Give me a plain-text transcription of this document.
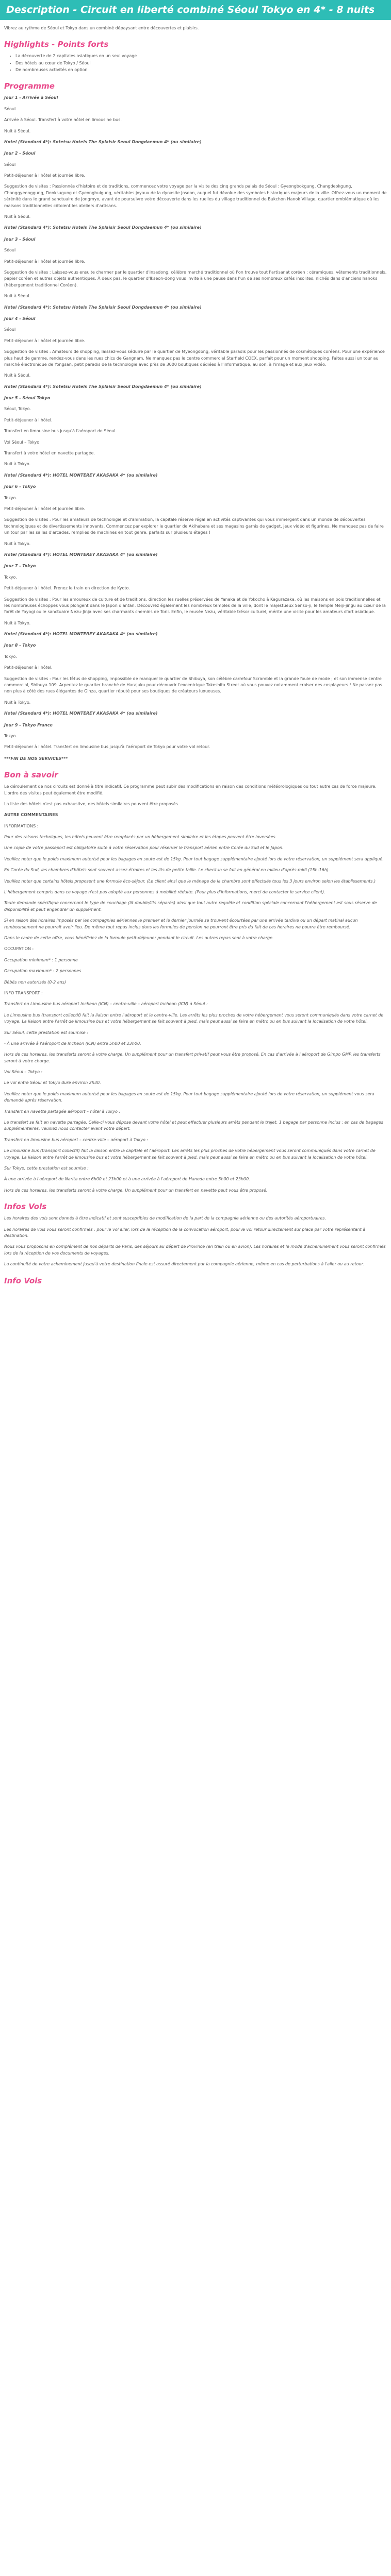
Description - Circuit en liberté combiné Séoul Tokyo en 4* - 8 nuits

Vibrez au rythme de Séoul et Tokyo dans un combiné dépaysant entre découvertes et plaisirs.

Highlights - Points forts
• La découverte de 2 capitales asiatiques en un seul voyage
• Des hôtels au cœur de Tokyo / Séoul
• De nombreuses activités en option
Programme

Jour 1 - Arrivée à Séoul

Séoul

Arrivée à Séoul. Transfert à votre hôtel en limousine bus.

Nuit à Séoul.

Hotel (Standard 4*): Sotetsu Hotels The Splaisir Seoul Dongdaemun 4* (ou similaire)

Jour 2 - Séoul

Séoul

Petit-déjeuner à l'hôtel et journée libre.

Suggestion de visites : Passionnés d'histoire et de traditions, commencez votre voyage par la visite des cinq grands palais de Séoul : Gyeongbokgung, Changdeokgung, Changgyeonggung, Deoksugung et Gyeonghuigung, véritables joyaux de la dynastie Joseon, auquel fut dévolue des symboles historiques majeurs de la ville. Offrez-vous un moment de sérénité dans le grand sanctuaire de Jongmyo, avant de poursuivre votre découverte dans les ruelles du village traditionnel de Bukchon Hanok Village, quartier emblématique où les maisons traditionnelles côtoient les ateliers d'artisans.

Nuit à Séoul.

Hotel (Standard 4*): Sotetsu Hotels The Splaisir Seoul Dongdaemun 4* (ou similaire)

Jour 3 - Séoul

Séoul

Petit-déjeuner à l'hôtel et journée libre.

Suggestion de visites : Laissez-vous ensuite charmer par le quartier d'Insadong, célèbre marché traditionnel où l'on trouve tout l'artisanat coréen : céramiques, vêtements traditionnels, papier coréen et autres objets authentiques. À deux pas, le quartier d'Ikseon-dong vous invite à une pause dans l'un de ses nombreux cafés insolites, nichés dans d'anciens hanoks (hébergement traditionnel Coréen).

Nuit à Séoul.

Hotel (Standard 4*): Sotetsu Hotels The Splaisir Seoul Dongdaemun 4* (ou similaire)

Jour 4 - Séoul

Séoul

Petit-déjeuner à l'hôtel et journée libre.

Suggestion de visites : Amateurs de shopping, laissez-vous séduire par le quartier de Myeongdong, véritable paradis pour les passionnés de cosmétiques coréens. Pour une expérience plus haut de gamme, rendez-vous dans les rues chics de Gangnam. Ne manquez pas le centre commercial Starfield COEX, parfait pour un moment shopping. Faites aussi un tour au marché électronique de Yongsan, petit paradis de la technologie avec près de 3000 boutiques dédiées à l'informatique, au son, à l'image et aux jeux vidéo.

Nuit à Séoul.

Hotel (Standard 4*): Sotetsu Hotels The Splaisir Seoul Dongdaemun 4* (ou similaire)

Jour 5 - Séoul Tokyo

Séoul, Tokyo.

Petit-déjeuner à l'hôtel.

Transfert en limousine bus jusqu'à l'aéroport de Séoul.

Vol Séoul – Tokyo

Transfert à votre hôtel en navette partagée.

Nuit à Tokyo.

Hotel (Standard 4*): HOTEL MONTEREY AKASAKA 4* (ou similaire)

Jour 6 - Tokyo

Tokyo.

Petit-déjeuner à l'hôtel et journée libre.

Suggestion de visites : Pour les amateurs de technologie et d'animation, la capitale réserve régal en activités captivantes qui vous immergent dans un monde de découvertes technologiques et de divertissements innovants. Commencez par explorer le quartier de Akihabara et ses magasins garnis de gadget, jeux vidéo et figurines. Ne manquez pas de faire un tour par les salles d'arcades, remplies de machines en tout genre, parfaits sur plusieurs étages !

Nuit à Tokyo.

Hotel (Standard 4*): HOTEL MONTEREY AKASAKA 4* (ou similaire)

Jour 7 - Tokyo

Tokyo.

Petit-déjeuner à l'hôtel. Prenez le train en direction de Kyoto.

Suggestion de visites : Pour les amoureux de culture et de traditions, direction les ruelles préservées de Yanaka et de Yokocho à Kagurazaka, où les maisons en bois traditionnelles et les nombreuses échoppes vous plongent dans le Japon d'antan. Découvrez également les nombreux temples de la ville, dont le majestueux Senso-ji, le temple Meiji-jingu au cœur de la forêt de Yoyogi ou le sanctuaire Nezu-Jinja avec ses charmants chemins de Torii. Enfin, le musée Nezu, véritable trésor culturel, mérite une visite pour les amateurs d'art asiatique.

Nuit à Tokyo.

Hotel (Standard 4*): HOTEL MONTEREY AKASAKA 4* (ou similaire)

Jour 8 - Tokyo

Tokyo.

Petit-déjeuner à l'hôtel.

Suggestion de visites : Pour les fêtus de shopping, impossible de manquer le quartier de Shibuya, son célèbre carrefour Scramble et la grande foule de mode ; et son immense centre commercial, Shibuya 109. Arpentez le quartier branché de Harajuku pour découvrir l'excentrique Takeshita Street où vous pouvez notamment croiser des cosplayeurs ! Ne passez pas non plus à côté des rues élégantes de Ginza, quartier réputé pour ses boutiques de créateurs luxueuses.

Nuit à Tokyo.

Hotel (Standard 4*): HOTEL MONTEREY AKASAKA 4* (ou similaire)

Jour 9 - Tokyo France

Tokyo.

Petit-déjeuner à l'hôtel. Transfert en limousine bus jusqu'à l'aéroport de Tokyo pour votre vol retour.

***FIN DE NOS SERVICES***

Bon à savoir

Le déroulement de nos circuits est donné à titre indicatif. Ce programme peut subir des modifications en raison des conditions météorologiques ou tout autre cas de force majeure. L'ordre des visites peut également être modifié.

La liste des hôtels n'est pas exhaustive, des hôtels similaires peuvent être proposés.

AUTRE COMMENTAIRES

INFORMATIONS :

Pour des raisons techniques, les hôtels peuvent être remplacés par un hébergement similaire et les étapes peuvent être inversées.

Une copie de votre passeport est obligatoire suite à votre réservation pour réserver le transport aérien entre Corée du Sud et le Japon.

Veuillez noter que le poids maximum autorisé pour les bagages en soute est de 15kg. Pour tout bagage supplémentaire ajouté lors de votre réservation, un supplément sera appliqué.

En Corée du Sud, les chambres d'hôtels sont souvent assez étroites et les lits de petite taille. Le check-in se fait en général en milieu d'après-midi (15h-16h).

Veuillez noter que certains hôtels proposent une formule éco-séjour. (Le client ainsi que le ménage de la chambre sont effectués tous les 3 jours environ selon les établissements.)

L'hébergement compris dans ce voyage n'est pas adapté aux personnes à mobilité réduite. (Pour plus d'informations, merci de contacter le service client).

Toute demande spécifique concernant le type de couchage (lit double/lits séparés) ainsi que tout autre requête et condition spéciale concernant l'hébergement est sous réserve de disponibilité et peut engendrer un supplément.

Si en raison des horaires imposés par les compagnies aériennes le premier et le dernier journée se trouvent écourtées par une arrivée tardive ou un départ matinal aucun remboursement ne pourrait avoir lieu. De même tout repas inclus dans les formules de pension ne pourront être pris du fait de ces horaires ne pourra être remboursé.

Dans le cadre de cette offre, vous bénéficiez de la formule petit-déjeuner pendant le circuit. Les autres repas sont à votre charge.

OCCUPATION :

Occupation minimum* : 1 personne

Occupation maximum* : 2 personnes

Bébés non autorisés (0-2 ans)

INFO TRANSPORT :

Transfert en Limousine bus aéroport Incheon (ICN) – centre-ville – aéroport Incheon (ICN) à Séoul :

Le Limousine bus (transport collectif) fait la liaison entre l'aéroport et le centre-ville. Les arrêts les plus proches de votre hébergement vous seront communiqués dans votre carnet de voyage. La liaison entre l'arrêt de limousine bus et votre hébergement se fait souvent à pied, mais peut aussi se faire en métro ou en bus suivant la localisation de votre hôtel.

Sur Séoul, cette prestation est soumise :

- À une arrivée à l'aéroport de Incheon (ICN) entre 5h00 et 23h00.

Hors de ces horaires, les transferts seront à votre charge. Un supplément pour un transfert privatif peut vous être proposé. En cas d'arrivée à l'aéroport de Gimpo GMP, les transferts seront à votre charge.

Vol Séoul – Tokyo :

Le vol entre Séoul et Tokyo dure environ 2h30.

Veuillez noter que le poids maximum autorisé pour les bagages en soute est de 15kg. Pour tout bagage supplémentaire ajouté lors de votre réservation, un supplément vous sera demandé après réservation.

Transfert en navette partagée aéroport – hôtel à Tokyo :

Le transfert se fait en navette partagée. Celle-ci vous dépose devant votre hôtel et peut effectuer plusieurs arrêts pendant le trajet. 1 bagage par personne inclus ; en cas de bagages supplémentaires, veuillez nous contacter avant votre départ.

Transfert en limousine bus aéroport – centre-ville – aéroport à Tokyo :

Le limousine bus (transport collectif) fait la liaison entre la capitale et l'aéroport. Les arrêts les plus proches de votre hébergement vous seront communiqués dans votre carnet de voyage. La liaison entre l'arrêt de limousine bus et votre hébergement se fait souvent à pied, mais peut aussi se faire en métro ou en bus suivant la localisation de votre hôtel.

Sur Tokyo, cette prestation est soumise :

À une arrivée à l'aéroport de Narita entre 6h00 et 23h00 et à une arrivée à l'aéroport de Haneda entre 5h00 et 23h00.

Hors de ces horaires, les transferts seront à votre charge. Un supplément pour un transfert en navette peut vous être proposé.

Infos Vols

Les horaires des vols sont donnés à titre indicatif et sont susceptibles de modification de la part de la compagnie aérienne ou des autorités aéroportuaires.

Les horaires de vols vous seront confirmés : pour le vol aller, lors de la réception de la convocation aéroport, pour le vol retour directement sur place par votre représentant à destination.

Nous vous proposons en complément de nos départs de Paris, des séjours au départ de Province (en train ou en avion). Les horaires et le mode d'acheminement vous seront confirmés lors de la réception de vos documents de voyages.

La continuité de votre acheminement jusqu'à votre destination finale est assuré directement par la compagnie aérienne, même en cas de perturbations à l'aller ou au retour.

Info Vols
